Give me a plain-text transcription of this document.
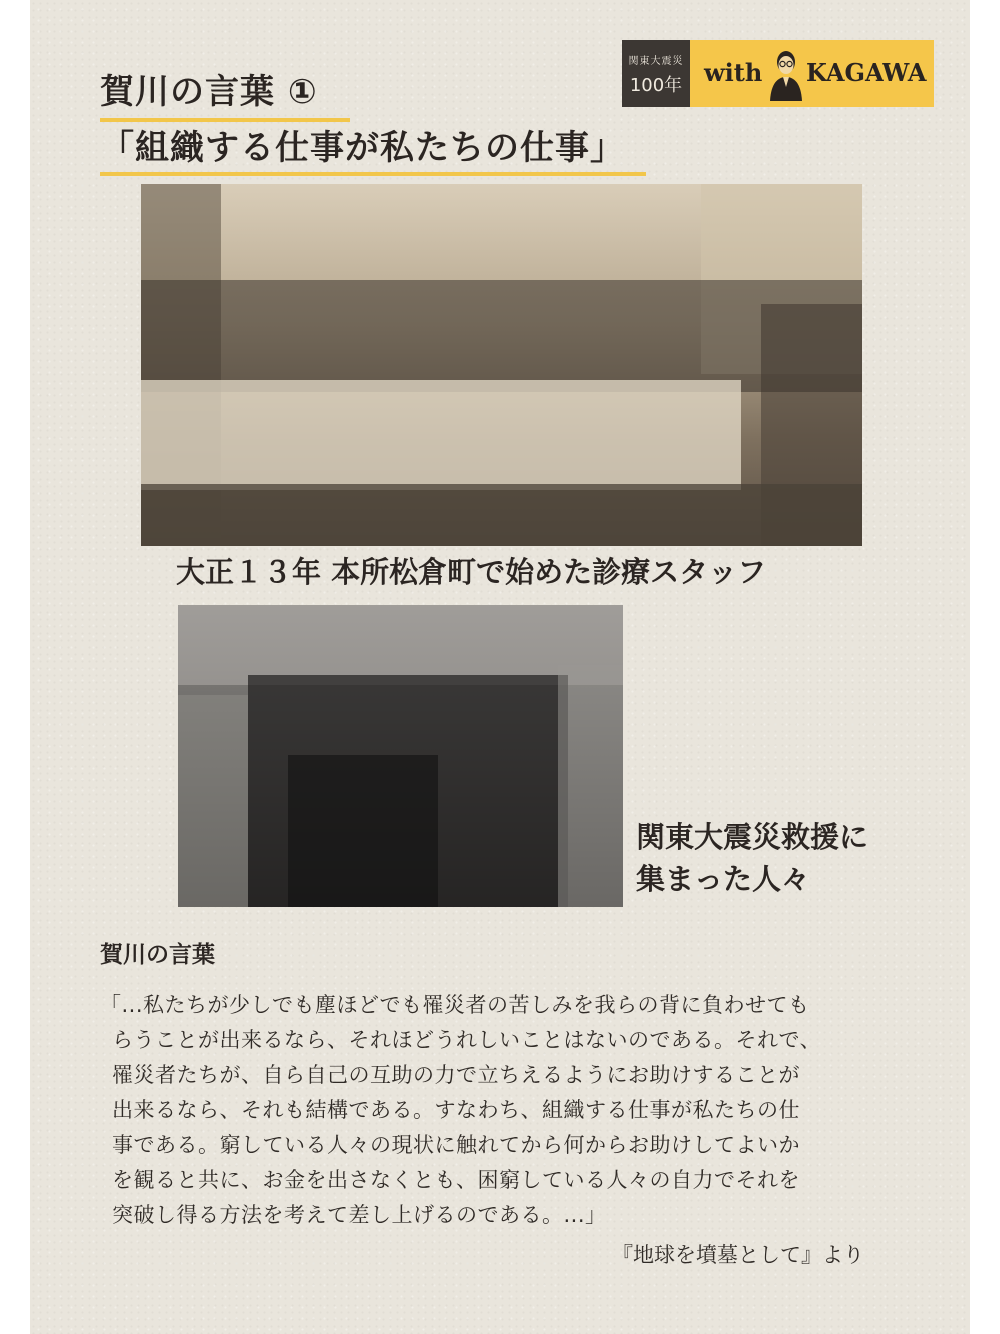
賀川の言葉 ①
「組織する仕事が私たちの仕事」
関東大震災
100年 with KAGAWA
大正１３年 本所松倉町で始めた診療スタッフ
関東大震災救援に
集まった人々
賀川の言葉
「...私たちが少しでも塵ほどでも罹災者の苦しみを我らの背に負わせても
らうことが出来るなら、それほどうれしいことはないのである。それで、
罹災者たちが、自ら自己の互助の力で立ちえるようにお助けすることが
出来るなら、それも結構である。すなわち、組織する仕事が私たちの仕
事である。窮している人々の現状に触れてから何からお助けしてよいか
を観ると共に、お金を出さなくとも、困窮している人々の自力でそれを
突破し得る方法を考えて差し上げるのである。...」
『地球を墳墓として』より
